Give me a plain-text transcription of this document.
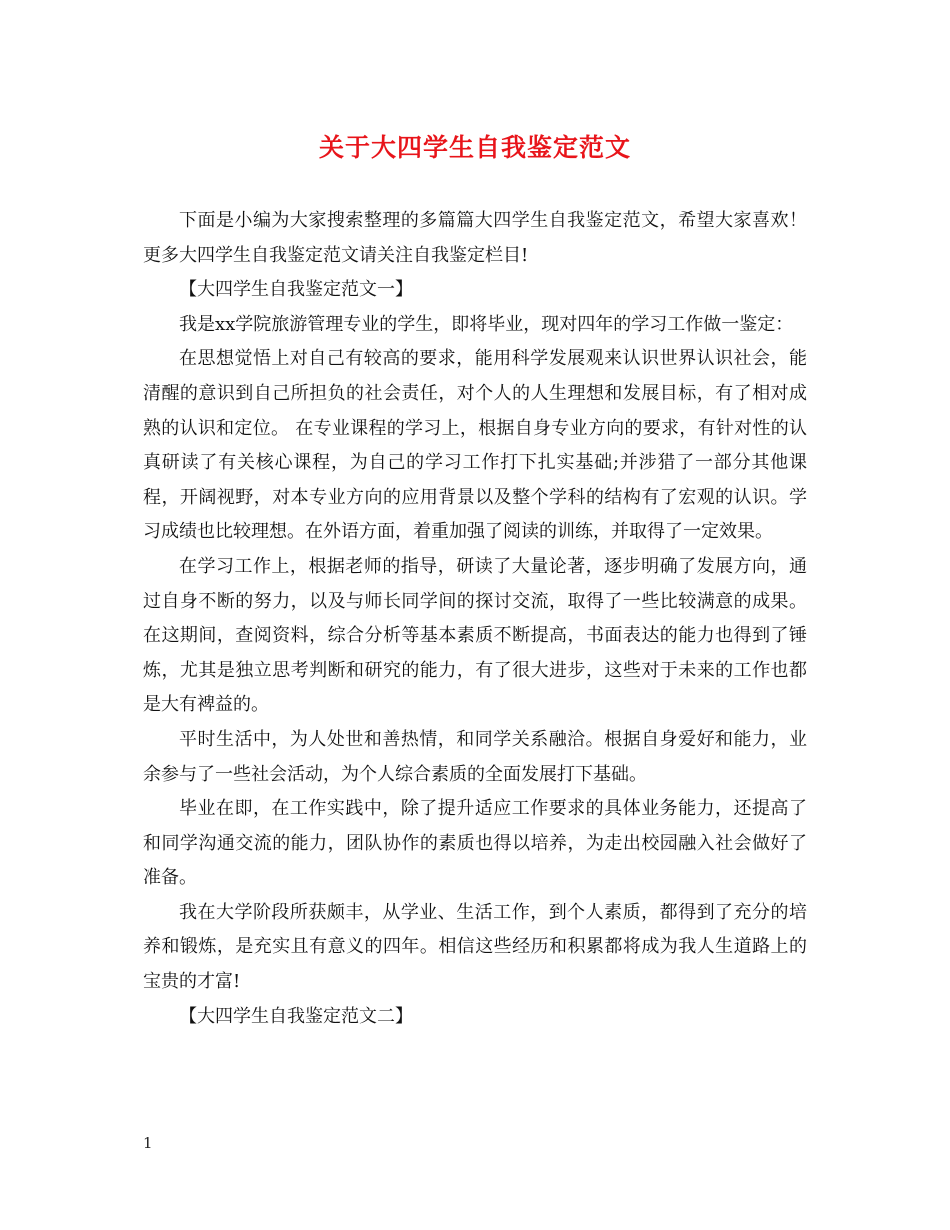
关于大四学生自我鉴定范文

下面是小编为大家搜索整理的多篇篇大四学生自我鉴定范文，希望大家喜欢！更多大四学生自我鉴定范文请关注自我鉴定栏目!

【大四学生自我鉴定范文一】

我是xx学院旅游管理专业的学生，即将毕业，现对四年的学习工作做一鉴定：

在思想觉悟上对自己有较高的要求，能用科学发展观来认识世界认识社会，能清醒的意识到自己所担负的社会责任，对个人的人生理想和发展目标，有了相对成熟的认识和定位。 在专业课程的学习上，根据自身专业方向的要求，有针对性的认真研读了有关核心课程，为自己的学习工作打下扎实基础;并涉猎了一部分其他课程，开阔视野，对本专业方向的应用背景以及整个学科的结构有了宏观的认识。学习成绩也比较理想。在外语方面，着重加强了阅读的训练，并取得了一定效果。

在学习工作上，根据老师的指导，研读了大量论著，逐步明确了发展方向，通过自身不断的努力，以及与师长同学间的探讨交流，取得了一些比较满意的成果。在这期间，查阅资料，综合分析等基本素质不断提高，书面表达的能力也得到了锤炼，尤其是独立思考判断和研究的能力，有了很大进步，这些对于未来的工作也都是大有裨益的。

平时生活中，为人处世和善热情，和同学关系融洽。根据自身爱好和能力，业余参与了一些社会活动，为个人综合素质的全面发展打下基础。

毕业在即，在工作实践中，除了提升适应工作要求的具体业务能力，还提高了和同学沟通交流的能力，团队协作的素质也得以培养，为走出校园融入社会做好了准备。

我在大学阶段所获颇丰，从学业、生活工作，到个人素质，都得到了充分的培养和锻炼，是充实且有意义的四年。相信这些经历和积累都将成为我人生道路上的宝贵的才富!

【大四学生自我鉴定范文二】

1
